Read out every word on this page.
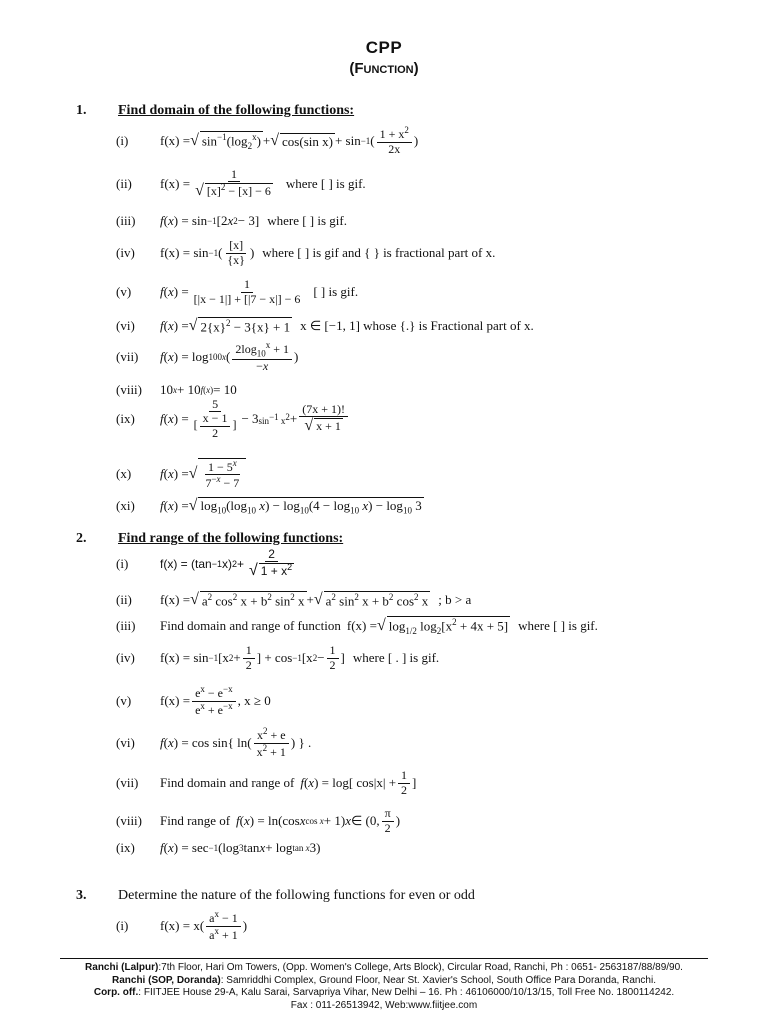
CPP
(Function)
1. Find domain of the following functions:
(i)	f(x) = √ $\sin^{-1}(\log_2^x)$ + √ cos(sin x) + sin −1 ( $\frac{1 + x^2}{2x}$ )
(ii)	$f(x) = \frac{1}{√ [x]^2 - [x] - 6}$ where [ ] is gif.
(iii)	f ( x ) = sin −1 [2 x 2 − 3] where [ ] is gif.
(iv)	f(x) = sin −1 ( $\frac{[x]}{\{x\}}$ ) where [ ] is gif and { } is fractional part of x.
(v)	f ( x ) = $\frac{1}{[|x - 1|] + [|7 - x|] - 6}$ [ ] is gif.
(vi)	f ( x ) = √ $2\{x\}^2 - 3\{x\} + 1$ x ∈ [−1, 1] whose {.} is Fractional part of x.
(vii)	f ( x ) = log 100x ( $\frac{2\log_{10}^x + 1}{-x}$ )
(viii)	10 x + 10 f(x) = 10
(ix)	f ( x ) = $\frac{5}{[ \frac{x - 1}{2} ]} - 3$ $\sin^{-1} x^2 + \frac{(7x + 1)!}{√ x + 1}$
(x)	f ( x ) = √ $\frac{1 - 5^x}{7^{-x} - 7}$
(xi)	f ( x ) = √ $\log_{10}(\log_{10}$ $x) - \log_{10}(4 - \log_{10} x) - \log_{10} 3$
2. Find range of the following functions:
(i)	f(x) = (tan −1 x) $2 + \frac{2}{√ 1 + x^2}$
(ii)	f(x) = √ $a^2$ $\cos^2 x + b^2$ $\sin^2 x$ + √ $a^2$ $\sin^2 x + b^2$ $\cos^2 x$ ; b > a
(iii)	Find domain and range of function f(x) = √ $\log_{1/2} \log_2[x^2 + 4x + 5]$ where [ ] is gif.
(iv)	f(x) = sin −1 [x $2 + \frac{1}{2}$ ] + cos −1 [x $2 - \frac{1}{2}$ ] where [ . ] is gif.
(v)	$f(x) = \frac{e^x - e^{-x}}{e^x + e^{-x}}$ , x ≥ 0
(vi)	f ( x ) = cos sin{ $\ln( \frac{x^2 + e}{x^2 + 1}$ ) } .
(vii)	Find domain and range of f ( x ) = log[ $\cos|x| + \frac{1}{2}$ ]
(viii)	Find range of f ( x ) = ln(cos x cos x + 1) x ∈ (0, $\frac{\pi}{2}$ )
(ix)	f ( x ) = sec −1 (log 3 tan x + log tan x 3)
3. Determine the nature of the following functions for even or odd
(i)	$f(x) = x( \frac{a^x - 1}{a^x + 1}$ )
Ranchi (Lalpur):7th Floor, Hari Om Towers, (Opp. Women's College, Arts Block), Circular Road, Ranchi, Ph : 0651- 2563187/88/89/90.
Ranchi (SOP, Doranda): Samriddhi Complex, Ground Floor, Near St. Xavier's School, South Office Para Doranda, Ranchi.
Corp. off.: FIITJEE House 29-A, Kalu Sarai, Sarvapriya Vihar, New Delhi – 16. Ph : 46106000/10/13/15, Toll Free No. 1800114242.
Fax : 011-26513942, Web:www.fiitjee.com
